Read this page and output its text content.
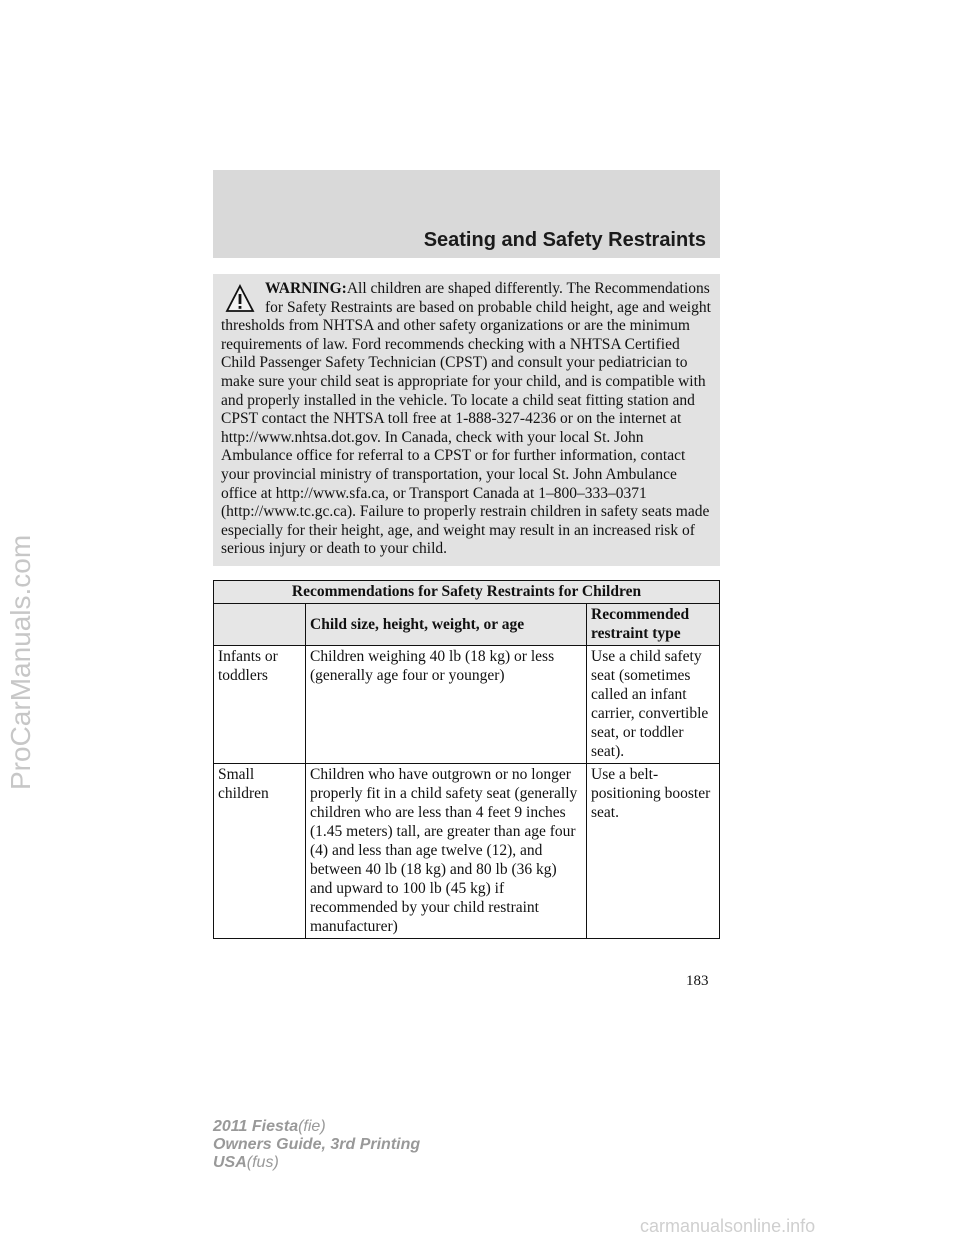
Seating and Safety Restraints
WARNING:All children are shaped differently. The Recommendations for Safety Restraints are based on probable child height, age and weight thresholds from NHTSA and other safety organizations or are the minimum requirements of law. Ford recommends checking with a NHTSA Certified Child Passenger Safety Technician (CPST) and consult your pediatrician to make sure your child seat is appropriate for your child, and is compatible with and properly installed in the vehicle. To locate a child seat fitting station and CPST contact the NHTSA toll free at 1-888-327-4236 or on the internet at http://www.nhtsa.dot.gov. In Canada, check with your local St. John Ambulance office for referral to a CPST or for further information, contact your provincial ministry of transportation, your local St. John Ambulance office at http://www.sfa.ca, or Transport Canada at 1–800–333–0371 (http://www.tc.gc.ca). Failure to properly restrain children in safety seats made especially for their height, age, and weight may result in an increased risk of serious injury or death to your child.
Recommendations for Safety Restraints for Children		
	Child size, height, weight, or age	Recommended restraint type
Infants or toddlers	Children weighing 40 lb (18 kg) or less (generally age four or younger)	Use a child safety seat (sometimes called an infant carrier, convertible seat, or toddler seat).
Small children	Children who have outgrown or no longer properly fit in a child safety seat (generally children who are less than 4 feet 9 inches (1.45 meters) tall, are greater than age four (4) and less than age twelve (12), and between 40 lb (18 kg) and 80 lb (36 kg) and upward to 100 lb (45 kg) if recommended by your child restraint manufacturer)	Use a belt-positioning booster seat.
183
2011 Fiesta(fie)
Owners Guide, 3rd Printing
USA(fus)
ProCarManuals.com
carmanualsonline.info
